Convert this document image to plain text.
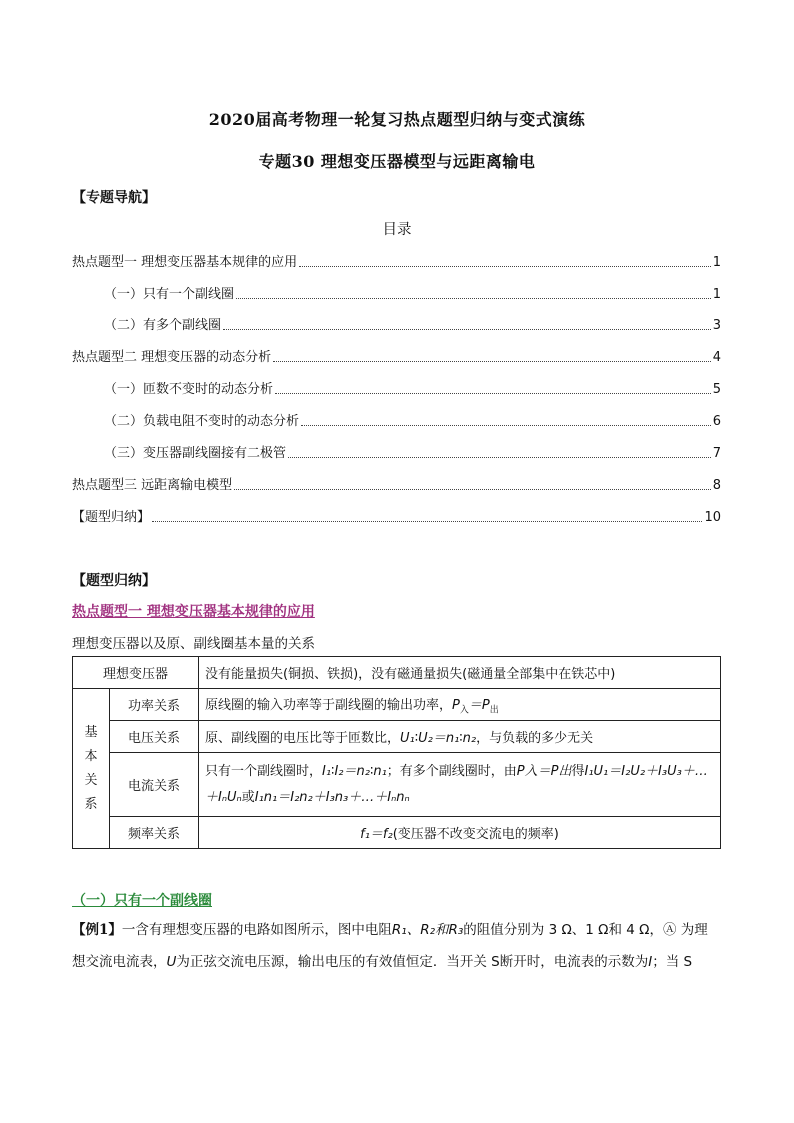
2020届高考物理一轮复习热点题型归纳与变式演练
专题30 理想变压器模型与远距离输电
【专题导航】
目录
热点题型一 理想变压器基本规律的应用	1
（一）只有一个副线圈	1
（二）有多个副线圈	3
热点题型二 理想变压器的动态分析	4
（一）匝数不变时的动态分析	5
（二）负载电阻不变时的动态分析	6
（三）变压器副线圈接有二极管	7
热点题型三 远距离输电模型	8
【题型归纳】	10
【题型归纳】
热点题型一 理想变压器基本规律的应用
理想变压器以及原、副线圈基本量的关系
理想变压器		没有能量损失(铜损、铁损)，没有磁通量损失(磁通量全部集中在铁芯中)

基
本
关
系	功率关系	原线圈的输入功率等于副线圈的输出功率，$P_入=P_出$
	电压关系	原、副线圈的电压比等于匝数比，U₁∶U₂＝n₁∶n₂，与负载的多少无关
	电流关系	只有一个副线圈时，I₁∶I₂＝n₂∶n₁；有多个副线圈时，由P入＝P出得I₁U₁＝I₂U₂＋I₃U₃＋…＋IₙUₙ或I₁n₁＝I₂n₂＋I₃n₃＋…＋Iₙnₙ
	频率关系	f₁＝f₂(变压器不改变交流电的频率)
（一）只有一个副线圈
【例1】一含有理想变压器的电路如图所示，图中电阻R₁、R₂和R₃的阻值分别为 3 Ω、1 Ω和 4 Ω，Ⓐ 为理

想交流电流表，U为正弦交流电压源，输出电压的有效值恒定．当开关 S断开时，电流表的示数为I；当 S
